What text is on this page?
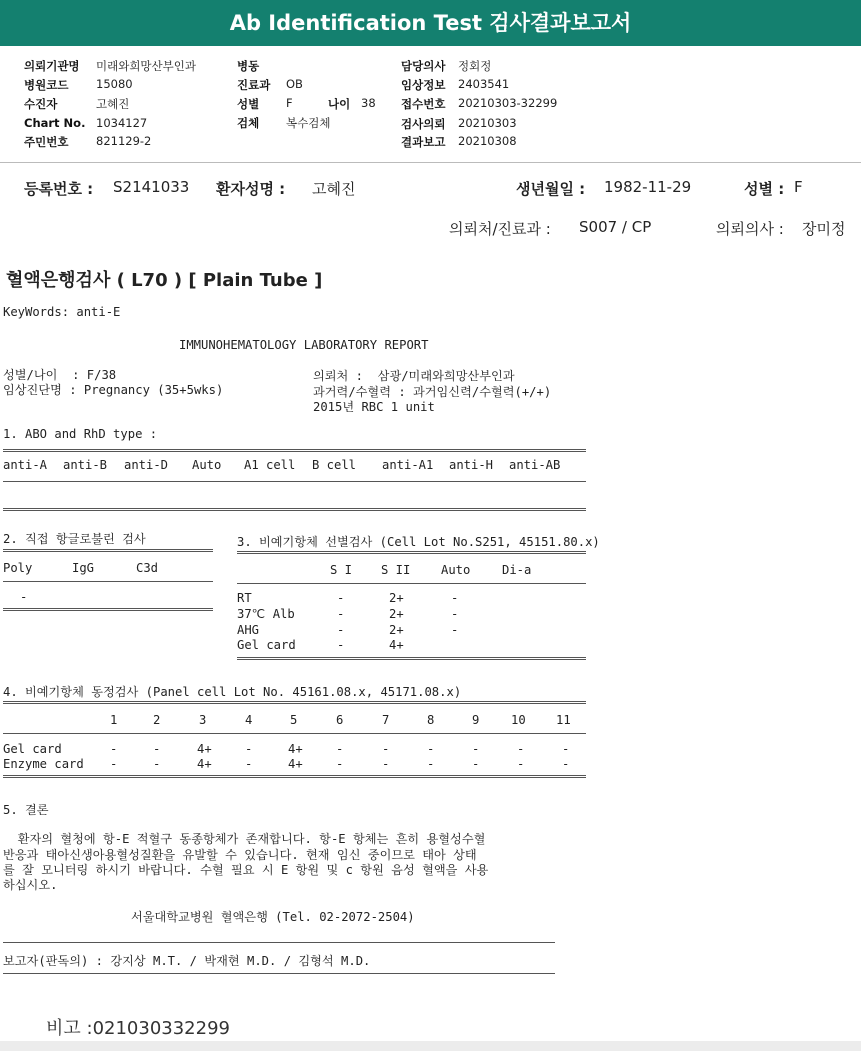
Ab Identification Test 검사결과보고서
의뢰기관명 미래와희망산부인과
병원코드 15080
수진자	고혜진
Chart No. 1034127
주민번호 821129-2
병동
진료과 OB
성별 F	나이 38
검체 복수검체
담당의사 정회정
임상정보 2403541
접수번호 20210303-32299
검사의뢰 20210303
결과보고 20210308
등록번호 : S2141033 환자성명 : 고혜진	생년월일 : 1982-11-29	성별 : F
의뢰처/진료과 : S007 / CP	의뢰의사 : 장미정
혈액은행검사 ( L70 ) [ Plain Tube ]
KeyWords: anti-E
IMMUNOHEMATOLOGY LABORATORY REPORT
성별/나이  : F/38
임상진단명 : Pregnancy (35+5wks)
의뢰처 :  삼광/미래와희망산부인과
과거력/수혈력 : 과거임신력/수혈력(+/+)
2015년 RBC 1 unit
1. ABO and RhD type :
anti-A anti-B anti-D Auto A1 cell B cell anti-A1 anti-H anti-AB
2. 직접 항글로불린 검사
Poly	IgG	C3d
-
3. 비예기항체 선별검사 (Cell Lot No.S251, 45151.80.x)
S I S II	Auto	Di-a
RT	-	2+	-
37℃ Alb	-	2+	-
AHG	-	2+	-
Gel card	-	4+
4. 비예기항체 동정검사 (Panel cell Lot No. 45161.08.x, 45171.08.x)
1	2	3	4	5	6	7	8	9	10 11
Gel card	-	-	4+	-	4+	-	-	-	-	-	-
Enzyme card -	-	4+	-	4+	-	-	-	-	-	-
5. 결론
환자의 혈청에 항-E 적혈구 동종항체가 존재합니다. 항-E 항체는 흔히 용혈성수혈
반응과 태아신생아용혈성질환을 유발할 수 있습니다. 현재 임신 중이므로 태아 상태
를 잘 모니터링 하시기 바랍니다. 수혈 필요 시 E 항원 및 c 항원 음성 혈액을 사용
하십시오.
서울대학교병원 혈액은행 (Tel. 02-2072-2504)
보고자(판독의) : 강지상 M.T. / 박재현 M.D. / 김형석 M.D.
비고 :021030332299
